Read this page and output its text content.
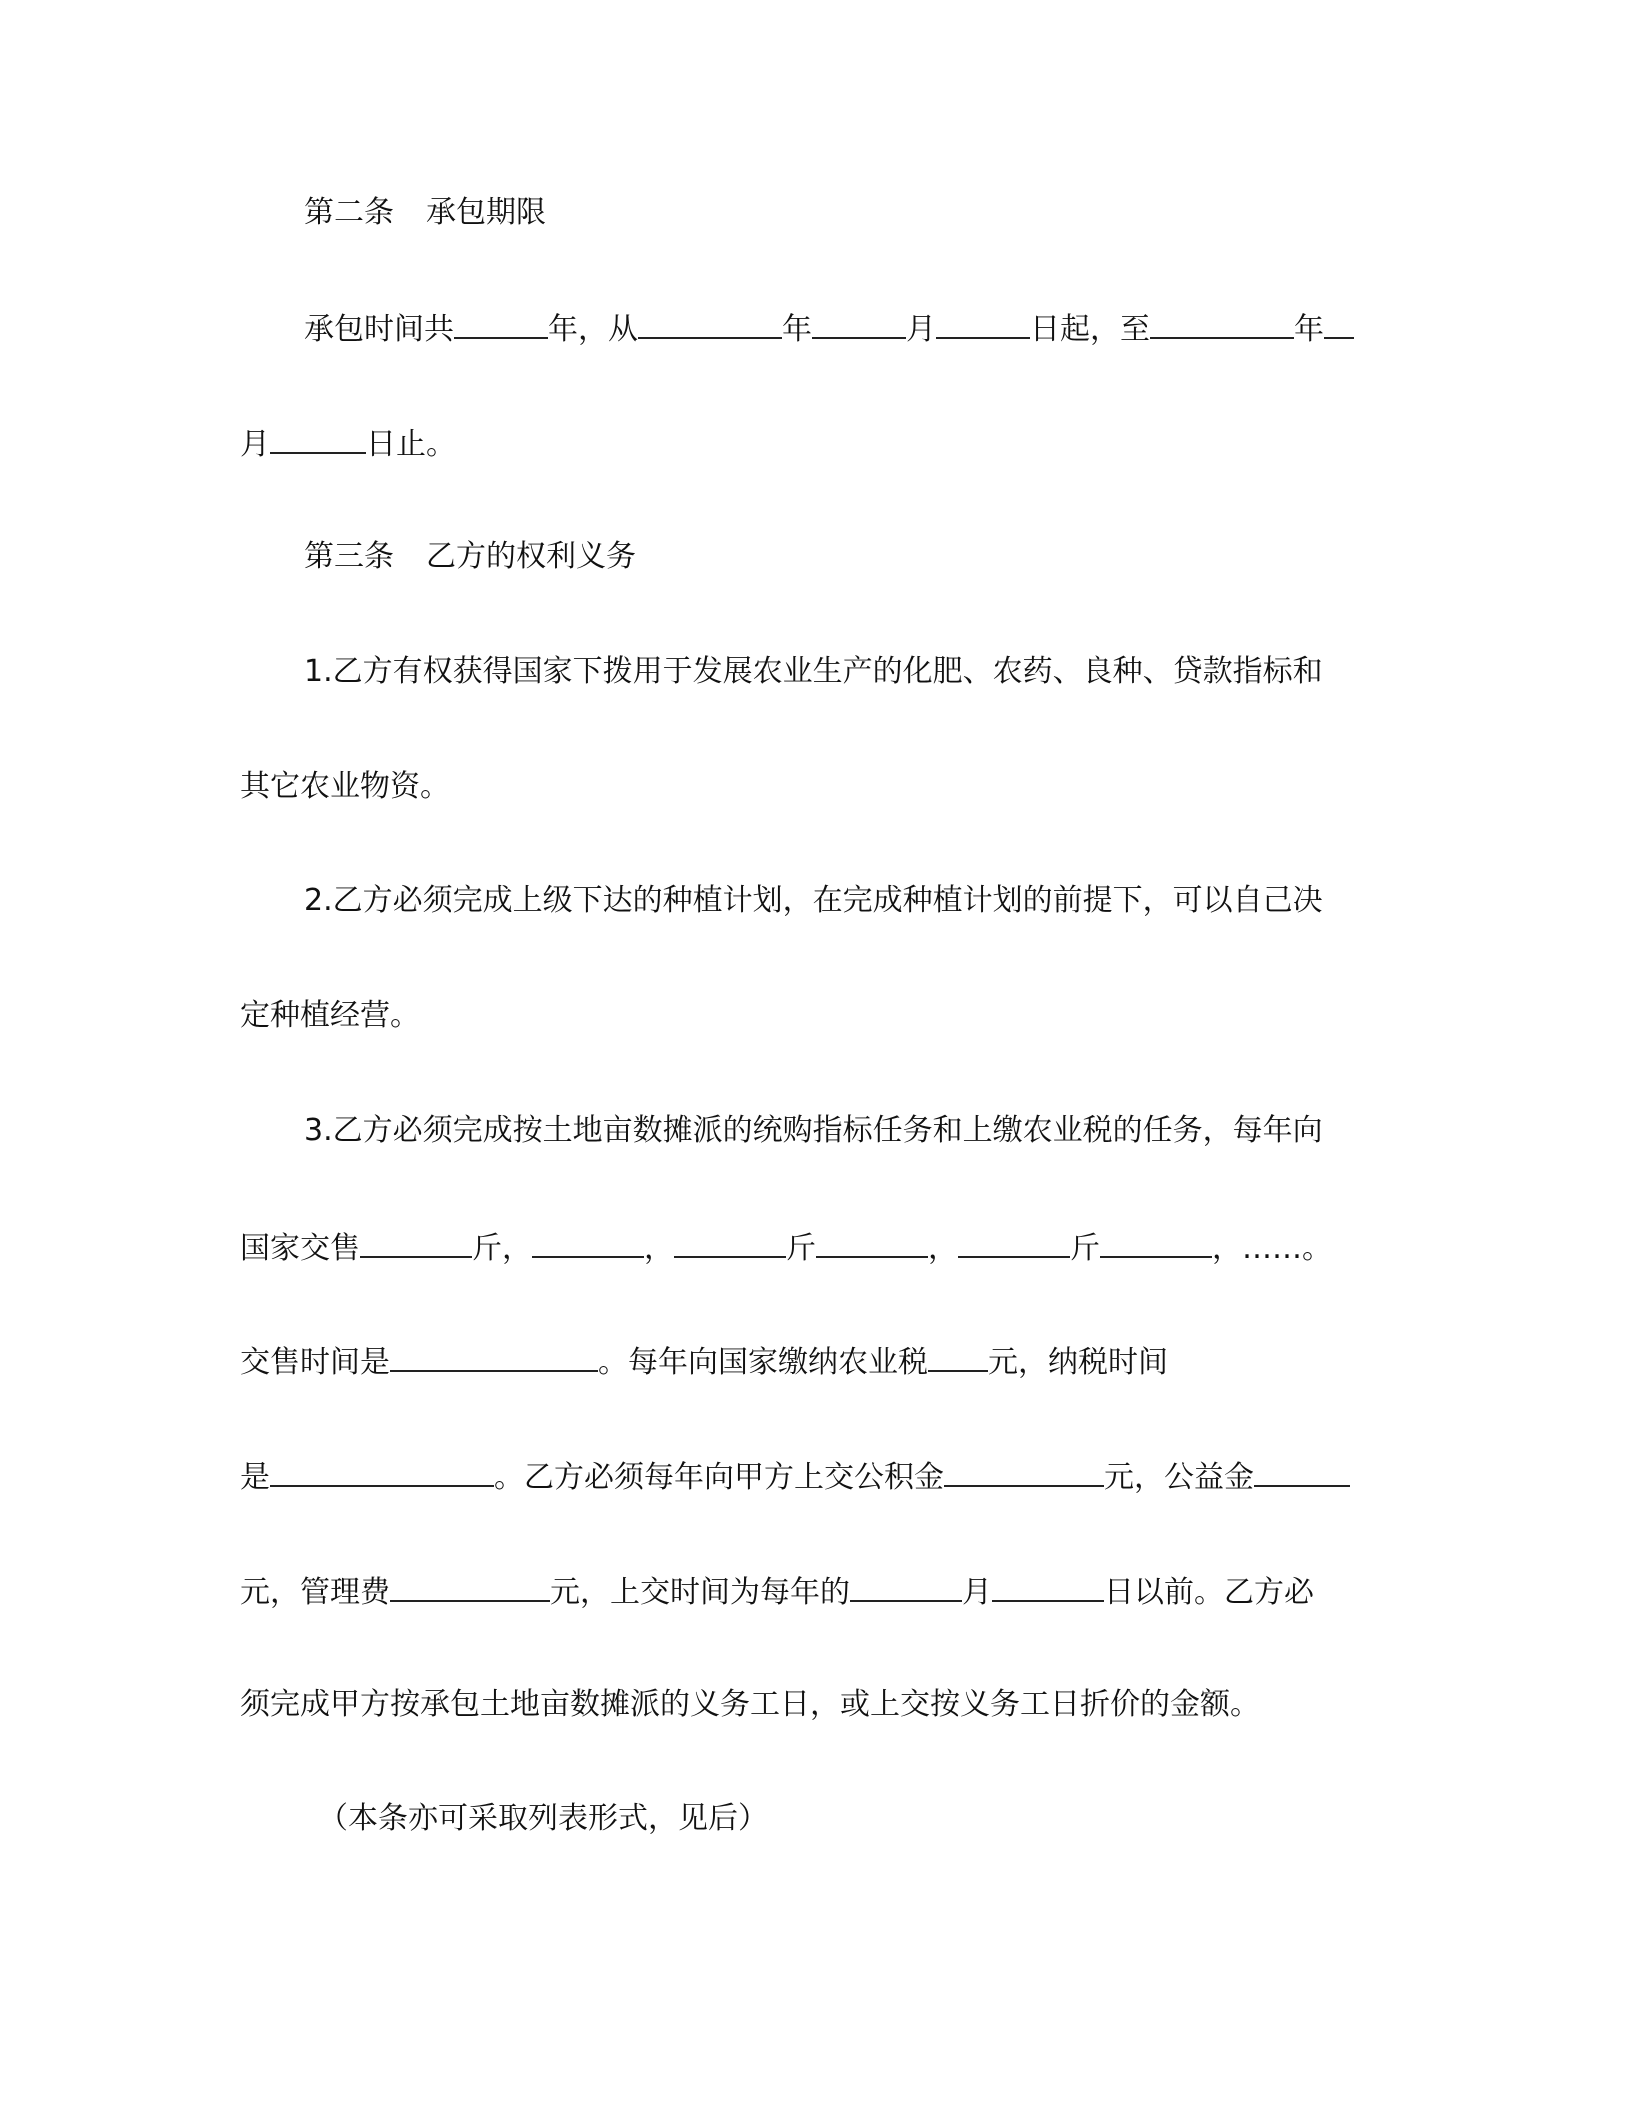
第二条 承包期限
承包时间共	年，从	年	月	日起，至	年
月	日止。
第三条 乙方的权利义务
1.乙方有权获得国家下拨用于发展农业生产的化肥、农药、良种、贷款指标和
其它农业物资。
2.乙方必须完成上级下达的种植计划，在完成种植计划的前提下，可以自己决
定种植经营。
3.乙方必须完成按土地亩数摊派的统购指标任务和上缴农业税的任务，每年向
国家交售	斤，	，	斤	，	斤	，……。
交售时间是	。每年向国家缴纳农业税 元，纳税时间
是	。乙方必须每年向甲方上交公积金	元，公益金
元，管理费	元，上交时间为每年的	月	日以前。乙方必
须完成甲方按承包土地亩数摊派的义务工日，或上交按义务工日折价的金额。
（本条亦可采取列表形式，见后）
